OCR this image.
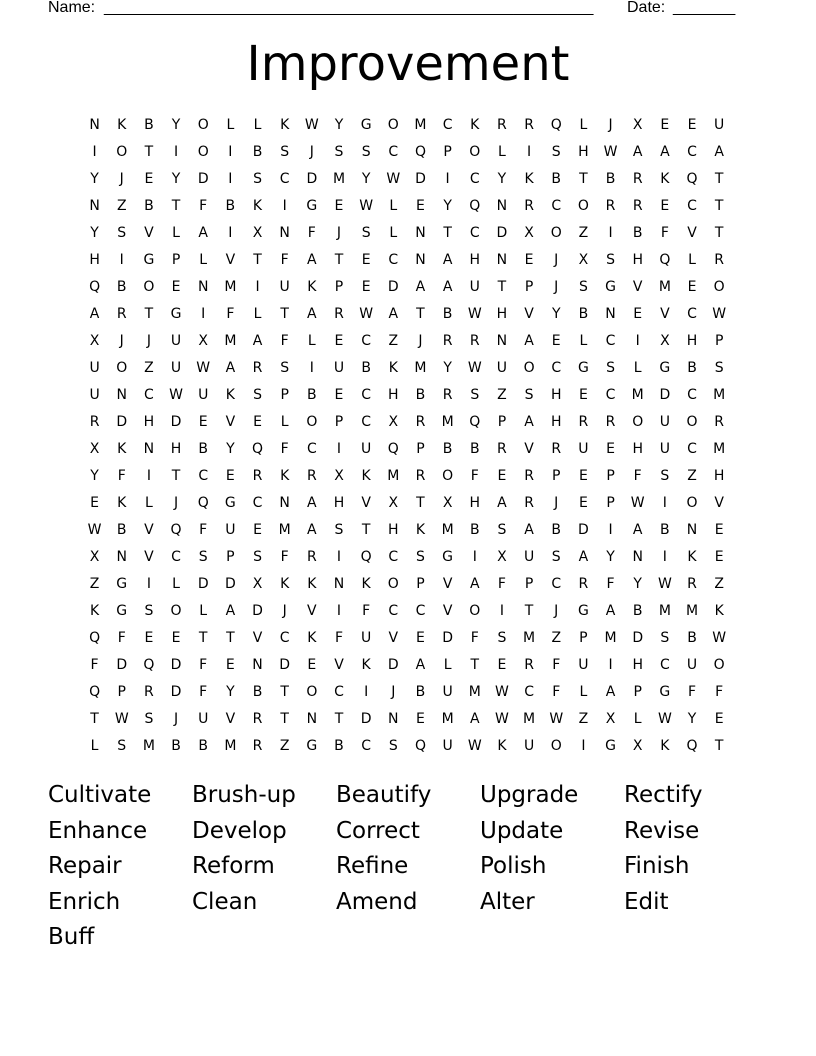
Name: _______________________________________________________ Date: _______
Improvement
N	K	B	Y	O	L	L	K	W	Y	G	O	M	C	K	R	R	Q	L	J	X	E	E	U
I	O	T	I	O	I	B	S	J	S	S	C	Q	P	O	L	I	S	H	W	A	A	C	A
Y	J	E	Y	D	I	S	C	D	M	Y	W	D	I	C	Y	K	B	T	B	R	K	Q	T
N	Z	B	T	F	B	K	I	G	E	W	L	E	Y	Q	N	R	C	O	R	R	E	C	T
Y	S	V	L	A	I	X	N	F	J	S	L	N	T	C	D	X	O	Z	I	B	F	V	T
H	I	G	P	L	V	T	F	A	T	E	C	N	A	H	N	E	J	X	S	H	Q	L	R
Q	B	O	E	N	M	I	U	K	P	E	D	A	A	U	T	P	J	S	G	V	M	E	O
A	R	T	G	I	F	L	T	A	R	W	A	T	B	W	H	V	Y	B	N	E	V	C	W
X	J	J	U	X	M	A	F	L	E	C	Z	J	R	R	N	A	E	L	C	I	X	H	P
U	O	Z	U	W	A	R	S	I	U	B	K	M	Y	W	U	O	C	G	S	L	G	B	S
U	N	C	W	U	K	S	P	B	E	C	H	B	R	S	Z	S	H	E	C	M	D	C	M
R	D	H	D	E	V	E	L	O	P	C	X	R	M	Q	P	A	H	R	R	O	U	O	R
X	K	N	H	B	Y	Q	F	C	I	U	Q	P	B	B	R	V	R	U	E	H	U	C	M
Y	F	I	T	C	E	R	K	R	X	K	M	R	O	F	E	R	P	E	P	F	S	Z	H
E	K	L	J	Q	G	C	N	A	H	V	X	T	X	H	A	R	J	E	P	W	I	O	V
W	B	V	Q	F	U	E	M	A	S	T	H	K	M	B	S	A	B	D	I	A	B	N	E
X	N	V	C	S	P	S	F	R	I	Q	C	S	G	I	X	U	S	A	Y	N	I	K	E
Z	G	I	L	D	D	X	K	K	N	K	O	P	V	A	F	P	C	R	F	Y	W	R	Z
K	G	S	O	L	A	D	J	V	I	F	C	C	V	O	I	T	J	G	A	B	M	M	K
Q	F	E	E	T	T	V	C	K	F	U	V	E	D	F	S	M	Z	P	M	D	S	B	W
F	D	Q	D	F	E	N	D	E	V	K	D	A	L	T	E	R	F	U	I	H	C	U	O
Q	P	R	D	F	Y	B	T	O	C	I	J	B	U	M	W	C	F	L	A	P	G	F	F
T	W	S	J	U	V	R	T	N	T	D	N	E	M	A	W	M	W	Z	X	L	W	Y	E
L	S	M	B	B	M	R	Z	G	B	C	S	Q	U	W	K	U	O	I	G	X	K	Q	T
Cultivate	Brush-up	Beautify	Upgrade	Rectify
Enhance	Develop	Correct	Update	Revise
Repair	Reform	Refine	Polish	Finish
Enrich	Clean	Amend	Alter	Edit
Buff
